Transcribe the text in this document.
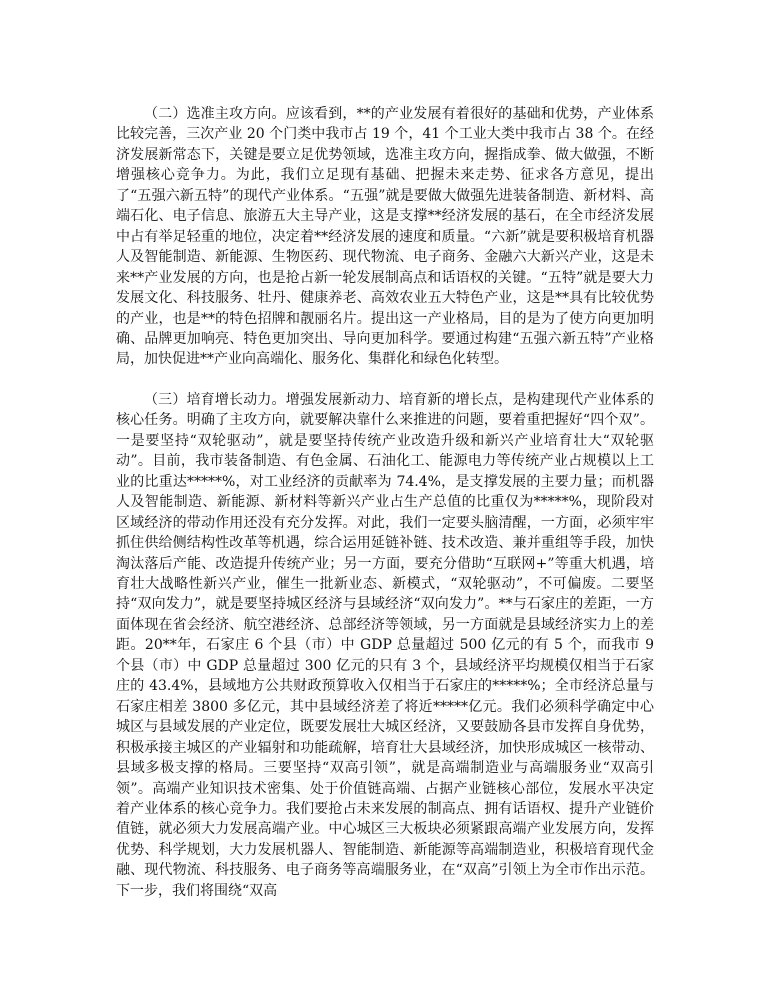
（二）选准主攻方向。应该看到，**的产业发展有着很好的基础和优势，产业体系比较完善，三次产业 20 个门类中我市占 19 个，41 个工业大类中我市占 38 个。在经济发展新常态下，关键是要立足优势领域，选准主攻方向，握指成拳、做大做强，不断增强核心竞争力。为此，我们立足现有基础、把握未来走势、征求各方意见，提出了“五强六新五特”的现代产业体系。“五强”就是要做大做强先进装备制造、新材料、高端石化、电子信息、旅游五大主导产业，这是支撑**经济发展的基石，在全市经济发展中占有举足轻重的地位，决定着**经济发展的速度和质量。“六新”就是要积极培育机器人及智能制造、新能源、生物医药、现代物流、电子商务、金融六大新兴产业，这是未来**产业发展的方向，也是抢占新一轮发展制高点和话语权的关键。“五特”就是要大力发展文化、科技服务、牡丹、健康养老、高效农业五大特色产业，这是**具有比较优势的产业，也是**的特色招牌和靓丽名片。提出这一产业格局，目的是为了使方向更加明确、品牌更加响亮、特色更加突出、导向更加科学。要通过构建“五强六新五特”产业格局，加快促进**产业向高端化、服务化、集群化和绿色化转型。

（三）培育增长动力。增强发展新动力、培育新的增长点，是构建现代产业体系的核心任务。明确了主攻方向，就要解决靠什么来推进的问题，要着重把握好“四个双”。一是要坚持“双轮驱动”，就是要坚持传统产业改造升级和新兴产业培育壮大“双轮驱动”。目前，我市装备制造、有色金属、石油化工、能源电力等传统产业占规模以上工业的比重达*****%，对工业经济的贡献率为 74.4%，是支撑发展的主要力量；而机器人及智能制造、新能源、新材料等新兴产业占生产总值的比重仅为*****%，现阶段对区域经济的带动作用还没有充分发挥。对此，我们一定要头脑清醒，一方面，必须牢牢抓住供给侧结构性改革等机遇，综合运用延链补链、技术改造、兼并重组等手段，加快淘汰落后产能、改造提升传统产业；另一方面，要充分借助“互联网+”等重大机遇，培育壮大战略性新兴产业，催生一批新业态、新模式，“双轮驱动”，不可偏废。二要坚持“双向发力”，就是要坚持城区经济与县域经济“双向发力”。**与石家庄的差距，一方面体现在省会经济、航空港经济、总部经济等领域，另一方面就是县域经济实力上的差距。20**年，石家庄 6 个县（市）中 GDP 总量超过 500 亿元的有 5 个，而我市 9 个县（市）中 GDP 总量超过 300 亿元的只有 3 个，县域经济平均规模仅相当于石家庄的 43.4%，县域地方公共财政预算收入仅相当于石家庄的*****%；全市经济总量与石家庄相差 3800 多亿元，其中县域经济差了将近*****亿元。我们必须科学确定中心城区与县域发展的产业定位，既要发展壮大城区经济，又要鼓励各县市发挥自身优势，积极承接主城区的产业辐射和功能疏解，培育壮大县域经济，加快形成城区一核带动、县域多极支撑的格局。三要坚持“双高引领”，就是高端制造业与高端服务业“双高引领”。高端产业知识技术密集、处于价值链高端、占据产业链核心部位，发展水平决定着产业体系的核心竞争力。我们要抢占未来发展的制高点、拥有话语权、提升产业链价值链，就必须大力发展高端产业。中心城区三大板块必须紧跟高端产业发展方向，发挥优势、科学规划，大力发展机器人、智能制造、新能源等高端制造业，积极培育现代金融、现代物流、科技服务、电子商务等高端服务业，在“双高”引领上为全市作出示范。下一步，我们将围绕“双高
